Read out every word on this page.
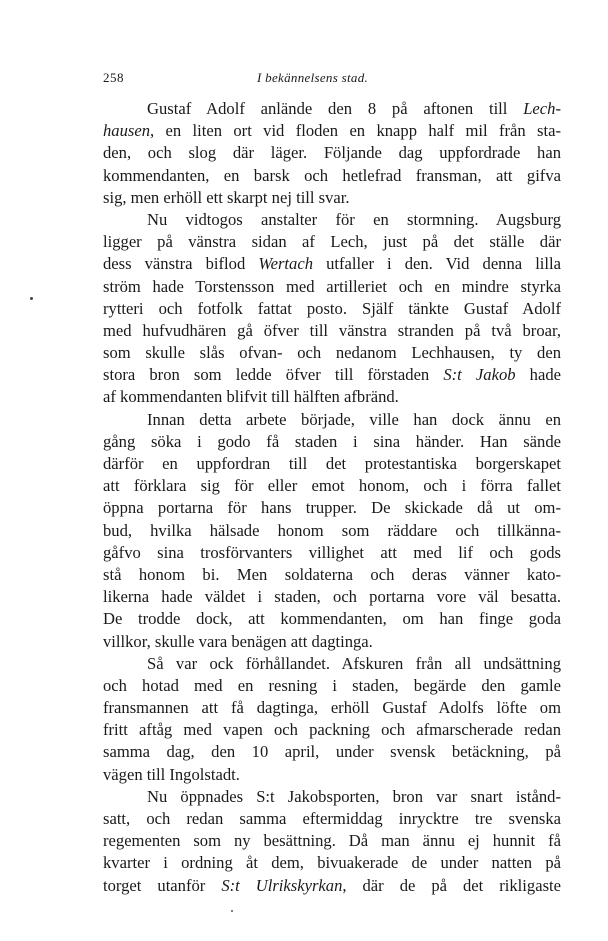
258	I bekännelsens stad.
Gustaf Adolf anlände den 8 på aftonen till Lech-
hausen, en liten ort vid floden en knapp half mil från sta-
den, och slog där läger. Följande dag uppfordrade han
kommendanten, en barsk och hetlefrad fransman, att gifva
sig, men erhöll ett skarpt nej till svar.
Nu vidtogos anstalter för en stormning. Augsburg
ligger på vänstra sidan af Lech, just på det ställe där
dess vänstra biflod Wertach utfaller i den. Vid denna lilla
ström hade Torstensson med artilleriet och en mindre styrka
rytteri och fotfolk fattat posto. Själf tänkte Gustaf Adolf
med hufvudhären gå öfver till vänstra stranden på två broar,
som skulle slås ofvan- och nedanom Lechhausen, ty den
stora bron som ledde öfver till förstaden S:t Jakob hade
af kommendanten blifvit till hälften afbränd.
Innan detta arbete började, ville han dock ännu en
gång söka i godo få staden i sina händer. Han sände
därför en uppfordran till det protestantiska borgerskapet
att förklara sig för eller emot honom, och i förra fallet
öppna portarna för hans trupper. De skickade då ut om-
bud, hvilka hälsade honom som räddare och tillkänna-
gåfvo sina trosförvanters villighet att med lif och gods
stå honom bi. Men soldaterna och deras vänner kato-
likerna hade väldet i staden, och portarna vore väl besatta.
De trodde dock, att kommendanten, om han finge goda
villkor, skulle vara benägen att dagtinga.
Så var ock förhållandet. Afskuren från all undsättning
och hotad med en resning i staden, begärde den gamle
fransmannen att få dagtinga, erhöll Gustaf Adolfs löfte om
fritt aftåg med vapen och packning och afmarscherade redan
samma dag, den 10 april, under svensk betäckning, på
vägen till Ingolstadt.
Nu öppnades S:t Jakobsporten, bron var snart istånd-
satt, och redan samma eftermiddag inrycktre tre svenska
regementen som ny besättning. Då man ännu ej hunnit få
kvarter i ordning åt dem, bivuakerade de under natten på
torget utanför S:t Ulrikskyrkan, där de på det rikligaste
